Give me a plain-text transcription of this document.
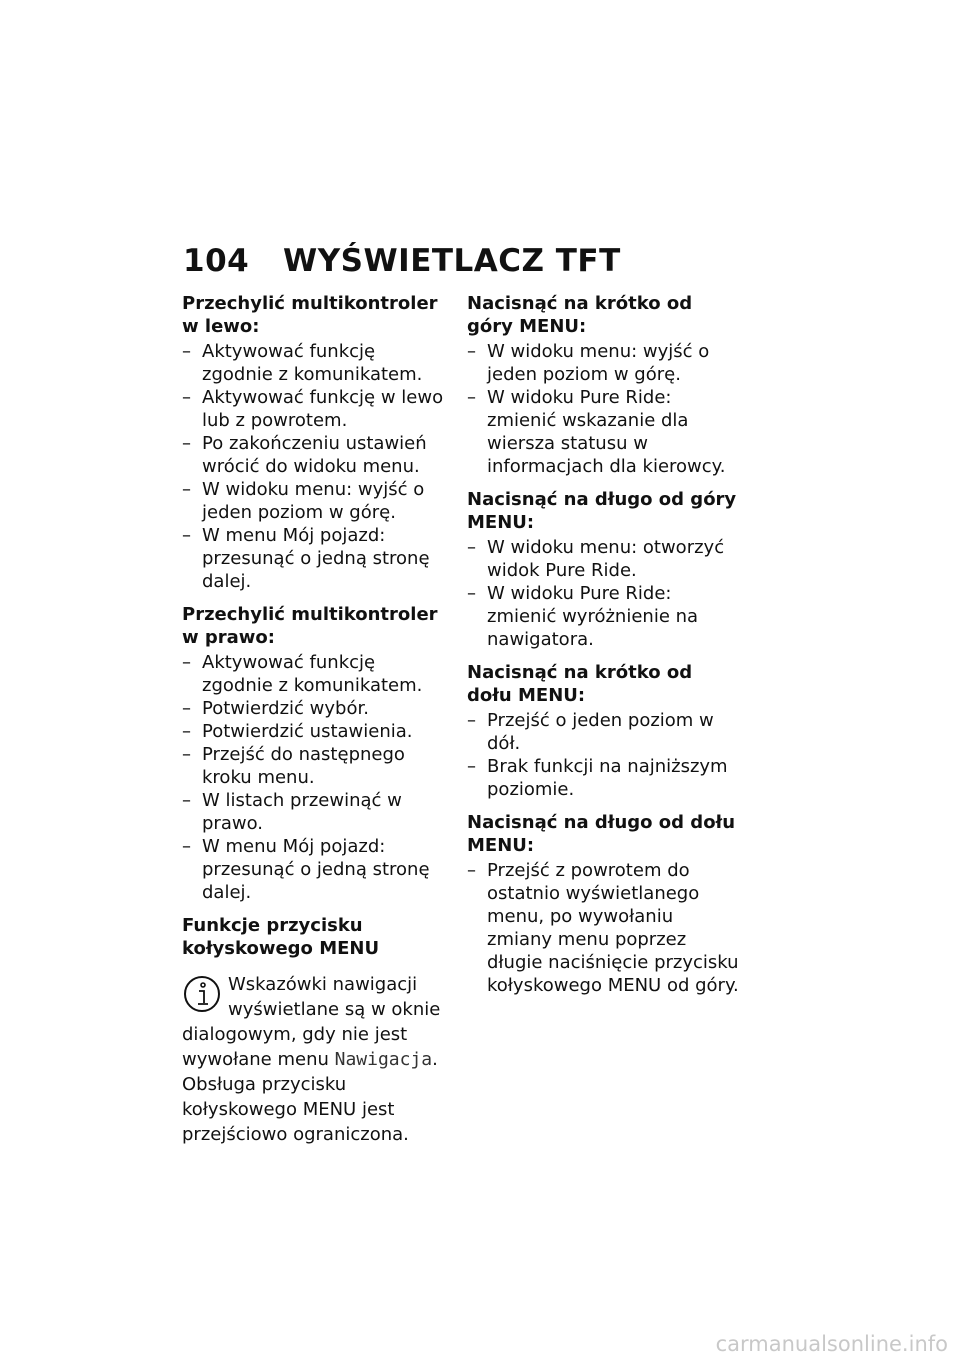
104 WYŚWIETLACZ TFT
Przechylić multikontroler w lewo:
– Aktywować funkcję zgodnie z komunikatem.
– Aktywować funkcję w lewo lub z powrotem.
– Po zakończeniu ustawień wrócić do widoku menu.
– W widoku menu: wyjść o jeden poziom w górę.
– W menu Mój pojazd: przesunąć o jedną stronę dalej.
Przechylić multikontroler w prawo:
– Aktywować funkcję zgodnie z komunikatem.
– Potwierdzić wybór.
– Potwierdzić ustawienia.
– Przejść do następnego kroku menu.
– W listach przewinąć w prawo.
– W menu Mój pojazd: przesunąć o jedną stronę dalej.
Funkcje przycisku kołyskowego MENU

Wskazówki nawigacji wyświetlane są w oknie dialogowym, gdy nie jest wywołane menu Nawigacja. Obsługa przycisku kołyskowego MENU jest przejściowo ograniczona.

Nacisnąć na krótko od góry MENU:
– W widoku menu: wyjść o jeden poziom w górę.
– W widoku Pure Ride: zmienić wskazanie dla wiersza statusu w informacjach dla kierowcy.
Nacisnąć na długo od góry MENU:
– W widoku menu: otworzyć widok Pure Ride.
– W widoku Pure Ride: zmienić wyróżnienie na nawigatora.
Nacisnąć na krótko od dołu MENU:
– Przejść o jeden poziom w dół.
– Brak funkcji na najniższym poziomie.
Nacisnąć na długo od dołu MENU:
– Przejść z powrotem do ostatnio wyświetlanego menu, po wywołaniu zmiany menu poprzez długie naciśnięcie przycisku kołyskowego MENU od góry.
carmanualsonline.info
